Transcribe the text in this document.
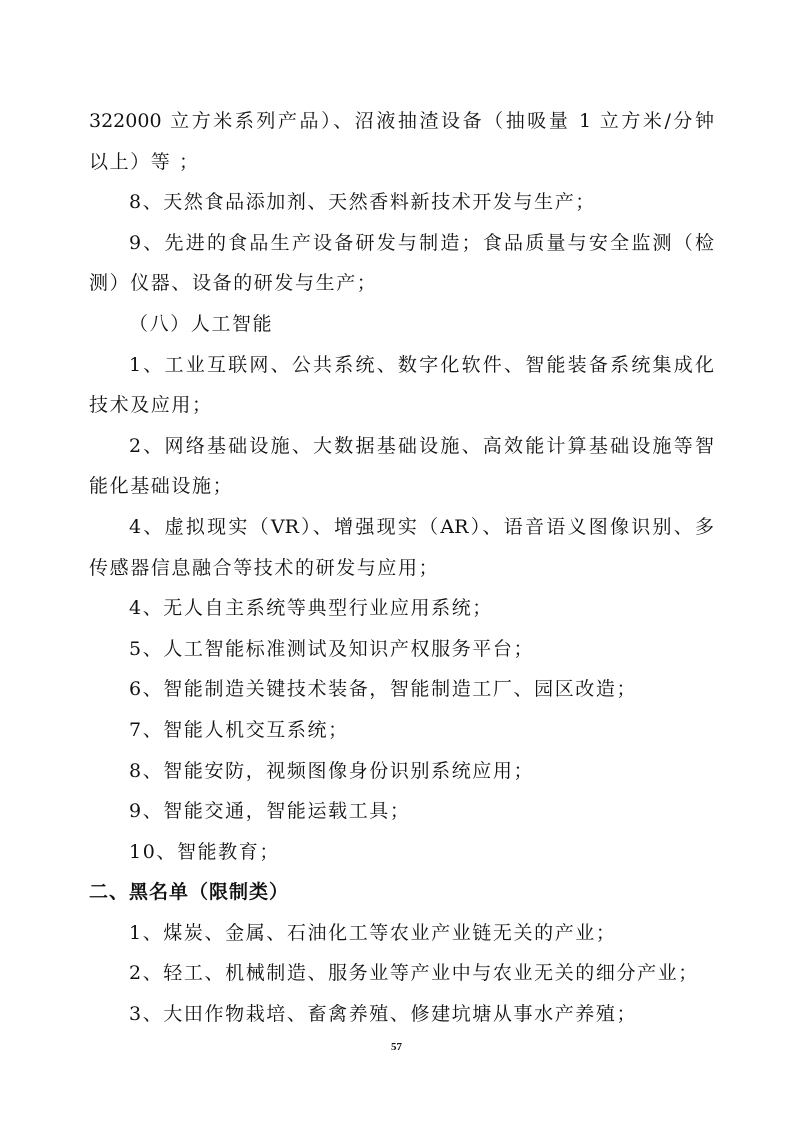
322000 立方米系列产品）、沼液抽渣设备（抽吸量 1 立方米/分钟
以上）等 ；
8、天然食品添加剂、天然香料新技术开发与生产；
9、先进的食品生产设备研发与制造；食品质量与安全监测（检
测）仪器、设备的研发与生产；
（八）人工智能
1、工业互联网、公共系统、数字化软件、智能装备系统集成化
技术及应用；
2、网络基础设施、大数据基础设施、高效能计算基础设施等智
能化基础设施；
4、虚拟现实（VR）、增强现实（AR）、语音语义图像识别、多
传感器信息融合等技术的研发与应用；
4、无人自主系统等典型行业应用系统；
5、人工智能标准测试及知识产权服务平台；
6、智能制造关键技术装备，智能制造工厂、园区改造；
7、智能人机交互系统；
8、智能安防，视频图像身份识别系统应用；
9、智能交通，智能运载工具；
10、智能教育；
二、黑名单（限制类）
1、煤炭、金属、石油化工等农业产业链无关的产业；
2、轻工、机械制造、服务业等产业中与农业无关的细分产业；
3、大田作物栽培、畜禽养殖、修建坑塘从事水产养殖；
57
